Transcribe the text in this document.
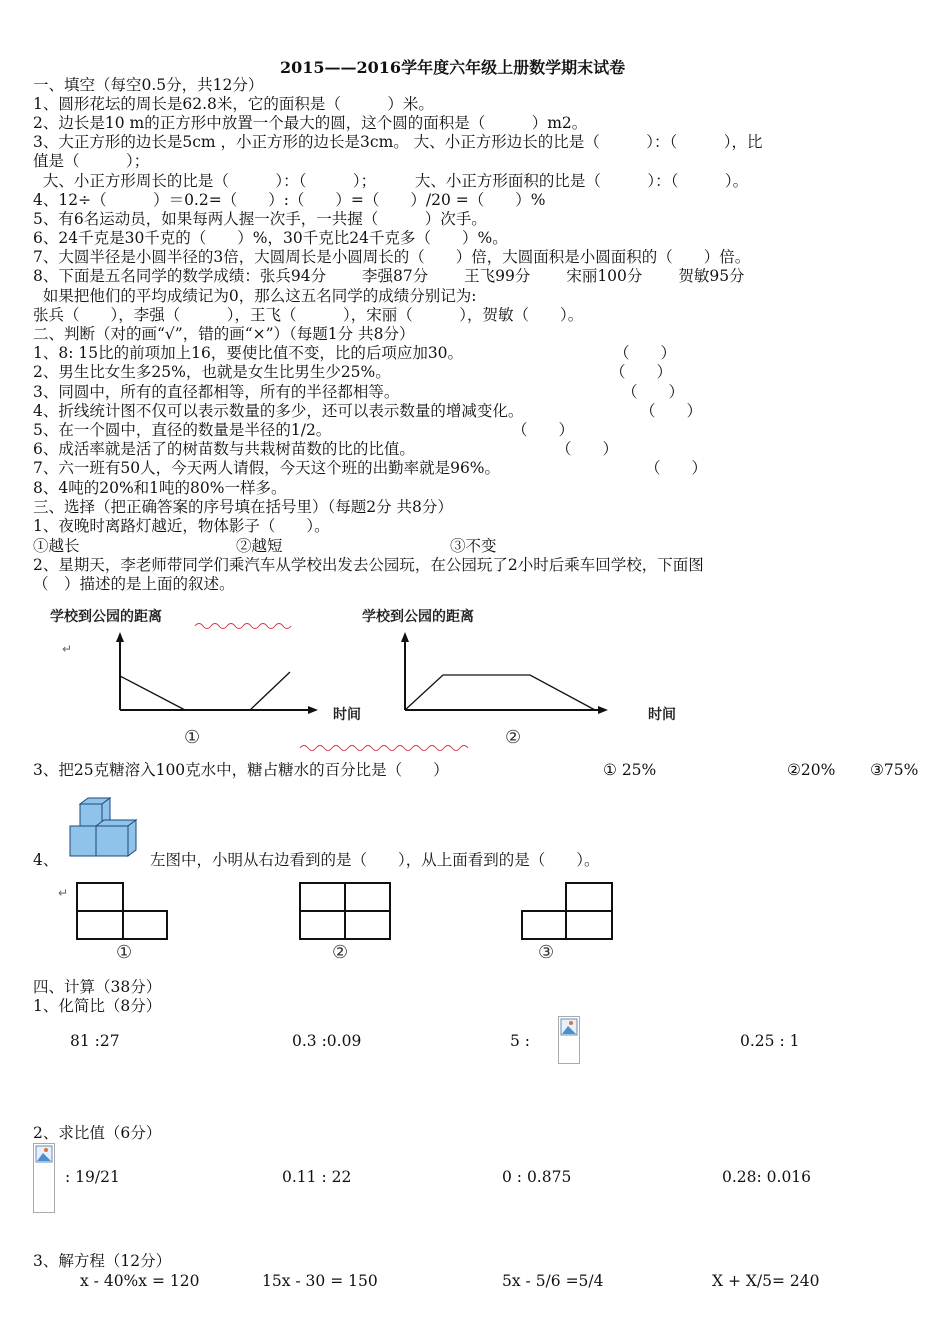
2015——2016学年度六年级上册数学期末试卷
一、填空（每空0.5分，共12分）
1、圆形花坛的周长是62.8米，它的面积是（　　　）米。
2、边长是10 m的正方形中放置一个最大的圆，这个圆的面积是（　　　）m2。
3、大正方形的边长是5cm ，小正方形的边长是3cm。 大、小正方形边长的比是（　　　）：（　　　），比
值是（　　　）；
大、小正方形周长的比是（　　　）：（　　　）；　　　大、小正方形面积的比是（　　　）：（　　　）。
4、12÷（　　　）＝0.2=（　　）:（　　）=（　　）/20 =（　　）%
5、有6名运动员，如果每两人握一次手，一共握（　　　）次手。
6、24千克是30千克的（　　）%，30千克比24千克多（　　）%。
7、大圆半径是小圆半径的3倍，大圆周长是小圆周长的（　　）倍，大圆面积是小圆面积的（　　）倍。
8、下面是五名同学的数学成绩：张兵94分　　 李强87分　　 王飞99分　　 宋丽100分　　 贺敏95分
如果把他们的平均成绩记为0，那么这五名同学的成绩分别记为:
张兵（　　），李强（　　　），王飞（　　　），宋丽（　　　），贺敏（　　）。
二、判断（对的画“√”，错的画“×”）（每题1分 共8分）
1、8: 15比的前项加上16，要使比值不变，比的后项应加30。	（　　）
2、男生比女生多25%，也就是女生比男生少25%。	（　　）
3、同圆中，所有的直径都相等，所有的半径都相等。	（　　）
4、折线统计图不仅可以表示数量的多少，还可以表示数量的增减变化。	（　　）
5、在一个圆中，直径的数量是半径的1/2。	（　　）
6、成活率就是活了的树苗数与共栽树苗数的比的比值。	（　　）
7、六一班有50人，今天两人请假，今天这个班的出勤率就是96%。	（　　）
8、4吨的20%和1吨的80%一样多。
三、选择（把正确答案的序号填在括号里）（每题2分 共8分）
1、夜晚时离路灯越近，物体影子（　　）。
①越长	②越短	③不变
2、星期天，李老师带同学们乘汽车从学校出发去公园玩，在公园玩了2小时后乘车回学校，下面图
（　）描述的是上面的叙述。
学校到公园的距离
↵
时间
①
学校到公园的距离
时间
②
3、把25克糖溶入100克水中，糖占糖水的百分比是（　　）	① 25%	②20% ③75%
4、	左图中，小明从右边看到的是（　　），从上面看到的是（　　）。
↵
①	②	③
四、计算（38分）
1、化简比（8分）
81 :27	0.3 :0.09	5 :	0.25 : 1
2、求比值（6分）
: 19/21	0.11 : 22	0 : 0.875	0.28: 0.016
3、解方程（12分）
x - 40%x = 120	15x - 30 = 150	5x - 5/6 =5/4	X + X/5= 240
